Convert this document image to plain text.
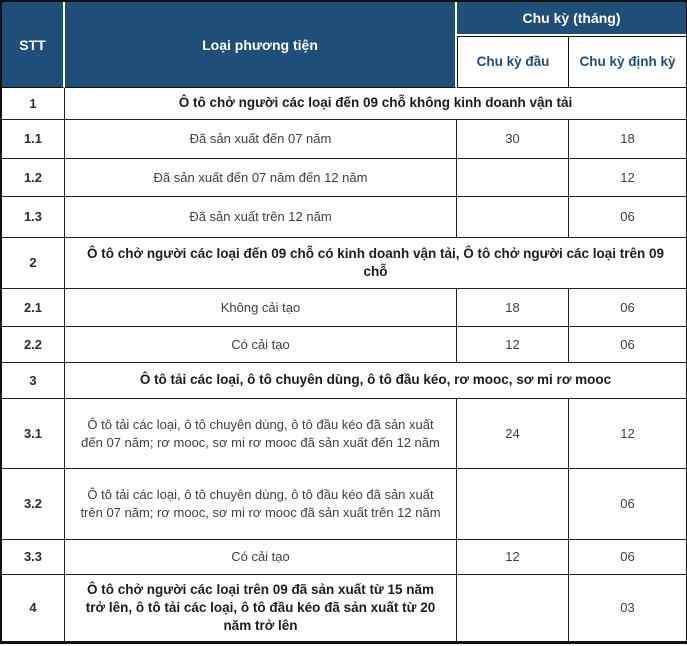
STT	Loại phương tiện	Chu kỳ (tháng)	
		Chu kỳ đầu	Chu kỳ định kỳ
1	Ô tô chở người các loại đến 09 chỗ không kinh doanh vận tải		
1.1	Đã sản xuất đến 07 năm	30	18
1.2	Đã sản xuất đến 07 năm đến 12 năm		12
1.3	Đã sản xuất trên 12 năm		06
2	Ô tô chở người các loại đến 09 chỗ có kinh doanh vận tải, Ô tô chở người các loại trên 09 chỗ		
2.1	Không cải tạo	18	06
2.2	Có cải tạo	12	06
3	Ô tô tải các loại, ô tô chuyên dùng, ô tô đầu kéo, rơ mooc, sơ mi rơ mooc		
3.1	Ô tô tải các loại, ô tô chuyên dùng, ô tô đầu kéo đã sản xuất đến 07 năm; rơ mooc, sơ mi rơ mooc đã sản xuất đến 12 năm	24	12
3.2	Ô tô tải các loại, ô tô chuyên dùng, ô tô đầu kéo đã sản xuất trên 07 năm; rơ mooc, sơ mi rơ mooc đã sản xuất trên 12 năm		06
3.3	Có cải tạo	12	06
4	Ô tô chở người các loại trên 09 đã sản xuất từ 15 năm trở lên, ô tô tải các loại, ô tô đầu kéo đã sản xuất từ 20 năm trở lên		03
